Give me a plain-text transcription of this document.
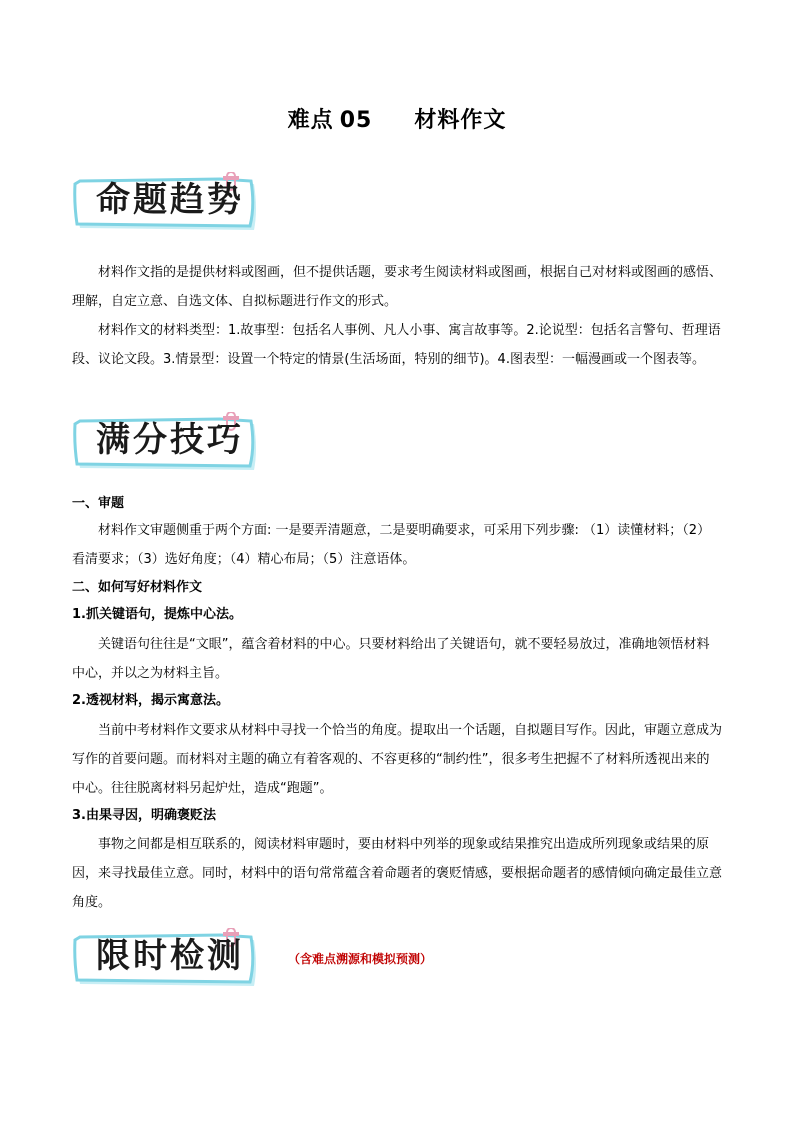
难点 05 材料作文
命题趋势
材料作文指的是提供材料或图画，但不提供话题，要求考生阅读材料或图画，根据自己对材料或图画的感悟、理解，自定立意、自选文体、自拟标题进行作文的形式。
材料作文的材料类型：1.故事型：包括名人事例、凡人小事、寓言故事等。2.论说型：包括名言警句、哲理语段、议论文段。3.情景型：设置一个特定的情景(生活场面，特别的细节)。4.图表型：一幅漫画或一个图表等。
满分技巧
一、审题
材料作文审题侧重于两个方面: 一是要弄清题意，二是要明确要求，可采用下列步骤: （1）读懂材料；（2）看清要求；（3）选好角度；（4）精心布局；（5）注意语体。
二、如何写好材料作文
1.抓关键语句，提炼中心法。
关键语句往往是“文眼”，蕴含着材料的中心。只要材料给出了关键语句，就不要轻易放过，准确地领悟材料中心，并以之为材料主旨。
2.透视材料，揭示寓意法。
当前中考材料作文要求从材料中寻找一个恰当的角度。提取出一个话题，自拟题目写作。因此，审题立意成为写作的首要问题。而材料对主题的确立有着客观的、不容更移的“制约性”，很多考生把握不了材料所透视出来的中心。往往脱离材料另起炉灶，造成“跑题”。
3.由果寻因，明确褒贬法
事物之间都是相互联系的，阅读材料审题时，要由材料中列举的现象或结果推究出造成所列现象或结果的原因，来寻找最佳立意。同时，材料中的语句常常蕴含着命题者的褒贬情感，要根据命题者的感情倾向确定最佳立意角度。
限时检测	（含难点溯源和模拟预测）
